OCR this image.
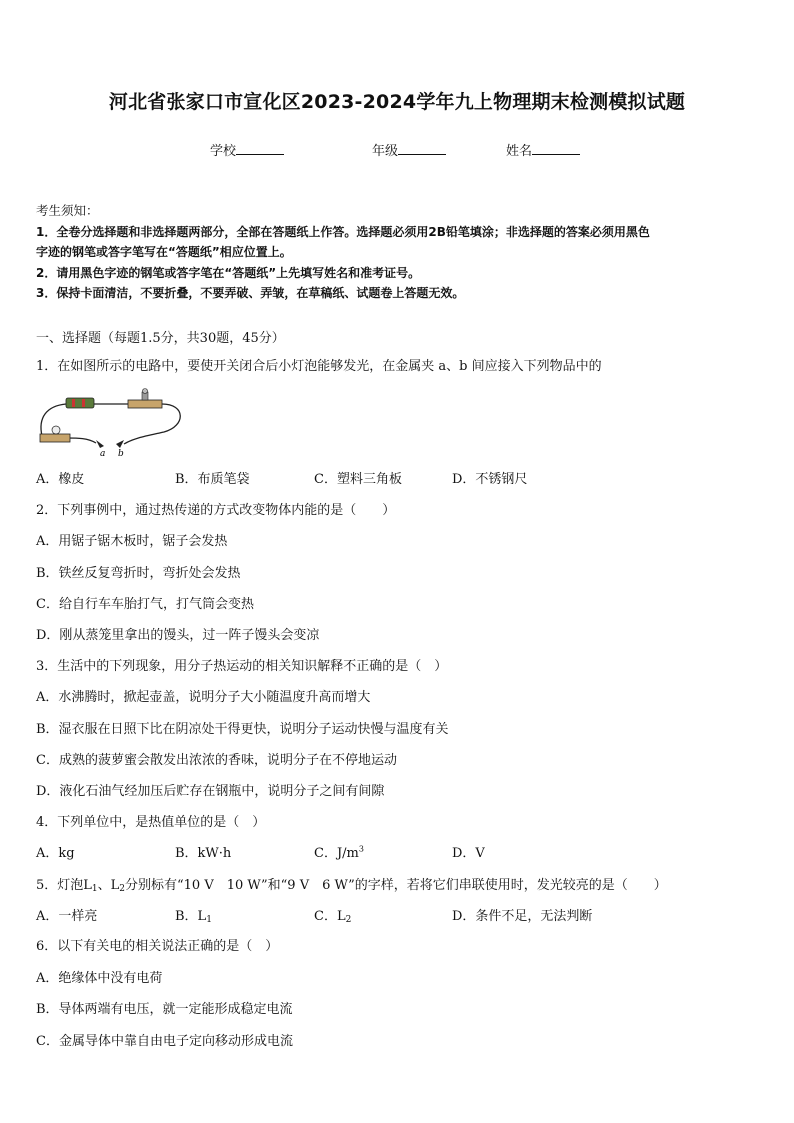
河北省张家口市宣化区2023-2024学年九上物理期末检测模拟试题
学校	年级	姓名

考生须知：

1．全卷分选择题和非选择题两部分，全部在答题纸上作答。选择题必须用2B铅笔填涂；非选择题的答案必须用黑色

字迹的钢笔或答字笔写在“答题纸”相应位置上。

2．请用黑色字迹的钢笔或答字笔在“答题纸”上先填写姓名和准考证号。

3．保持卡面清洁，不要折叠，不要弄破、弄皱，在草稿纸、试题卷上答题无效。

一、选择题（每题1.5分，共30题，45分）
1．在如图所示的电路中，要使开关闭合后小灯泡能够发光，在金属夹 a、b 间应接入下列物品中的
a b
A．橡皮	B．布质笔袋	C．塑料三角板	D．不锈钢尺
2．下列事例中，通过热传递的方式改变物体内能的是（　　）
A．用锯子锯木板时，锯子会发热
B．铁丝反复弯折时，弯折处会发热
C．给自行车车胎打气，打气筒会变热
D．刚从蒸笼里拿出的馒头，过一阵子馒头会变凉
3．生活中的下列现象，用分子热运动的相关知识解释不正确的是（　）
A．水沸腾时，掀起壶盖，说明分子大小随温度升高而增大
B．湿衣服在日照下比在阴凉处干得更快，说明分子运动快慢与温度有关
C．成熟的菠萝蜜会散发出浓浓的香味，说明分子在不停地运动
D．液化石油气经加压后贮存在钢瓶中，说明分子之间有间隙
4．下列单位中，是热值单位的是（　）
A．kg	B．kW·h	C．$J/m^3$	D．V
5．灯泡$L_1$、$L_2$分别标有“10 V　10 W”和“9 V　6 W”的字样，若将它们串联使用时，发光较亮的是（　　）
A．一样亮	B．$L_1$	C．$L_2$	D．条件不足，无法判断
6．以下有关电的相关说法正确的是（　）
A．绝缘体中没有电荷
B．导体两端有电压，就一定能形成稳定电流
C．金属导体中靠自由电子定向移动形成电流
